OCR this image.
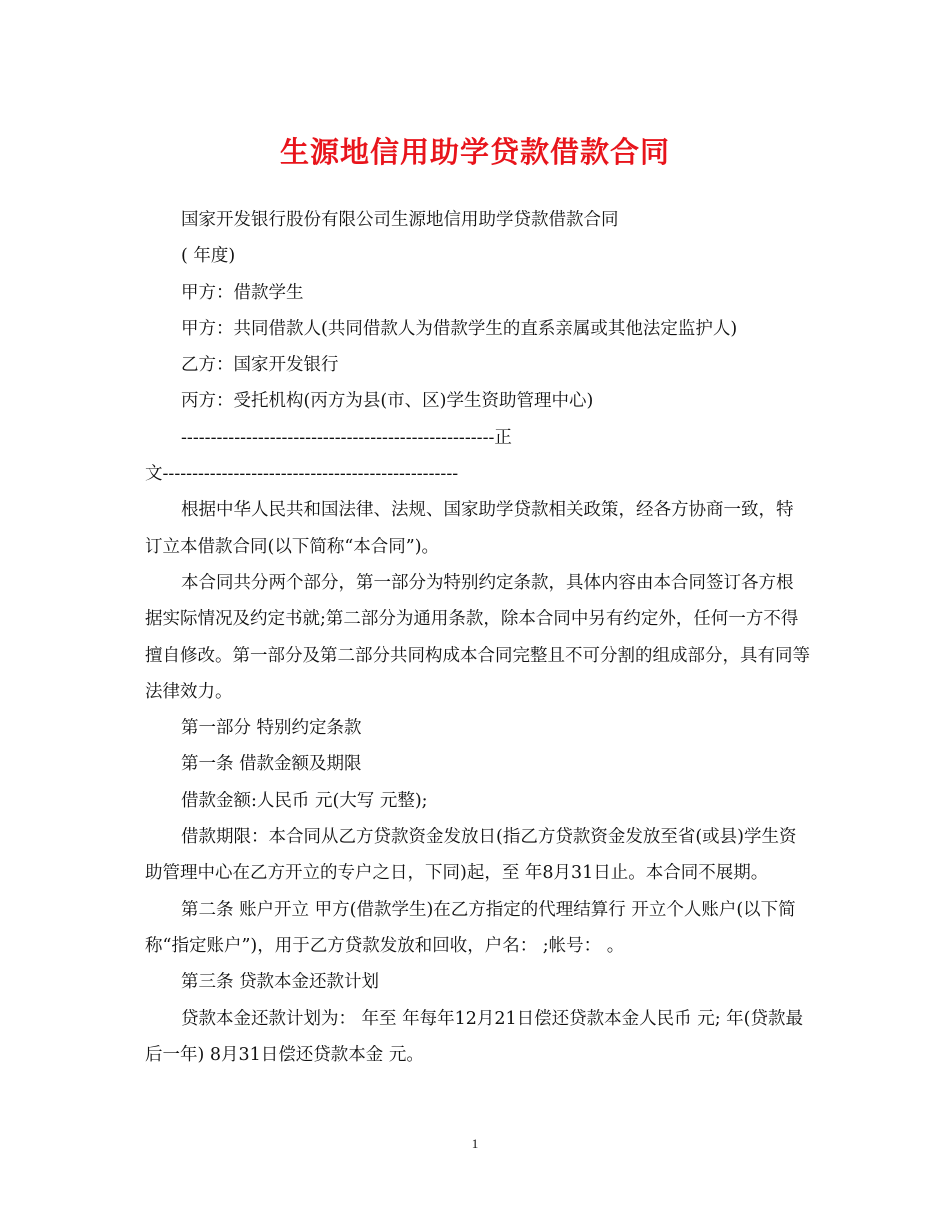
生源地信用助学贷款借款合同

国家开发银行股份有限公司生源地信用助学贷款借款合同

( 年度)

甲方：借款学生

甲方：共同借款人(共同借款人为借款学生的直系亲属或其他法定监护人)

乙方：国家开发银行

丙方：受托机构(丙方为县(市、区)学生资助管理中心)

-----------------------------------------------------正

文--------------------------------------------------

根据中华人民共和国法律、法规、国家助学贷款相关政策，经各方协商一致，特订立本借款合同(以下简称“本合同”)。

本合同共分两个部分，第一部分为特别约定条款，具体内容由本合同签订各方根据实际情况及约定书就;第二部分为通用条款，除本合同中另有约定外，任何一方不得擅自修改。第一部分及第二部分共同构成本合同完整且不可分割的组成部分，具有同等法律效力。

第一部分 特别约定条款

第一条 借款金额及期限

借款金额:人民币 元(大写 元整);

借款期限：本合同从乙方贷款资金发放日(指乙方贷款资金发放至省(或县)学生资助管理中心在乙方开立的专户之日，下同)起，至 年8月31日止。本合同不展期。

第二条 账户开立 甲方(借款学生)在乙方指定的代理结算行 开立个人账户(以下简称“指定账户”)，用于乙方贷款发放和回收，户名： ;帐号： 。

第三条 贷款本金还款计划

贷款本金还款计划为： 年至 年每年12月21日偿还贷款本金人民币 元; 年(贷款最后一年) 8月31日偿还贷款本金 元。

1
